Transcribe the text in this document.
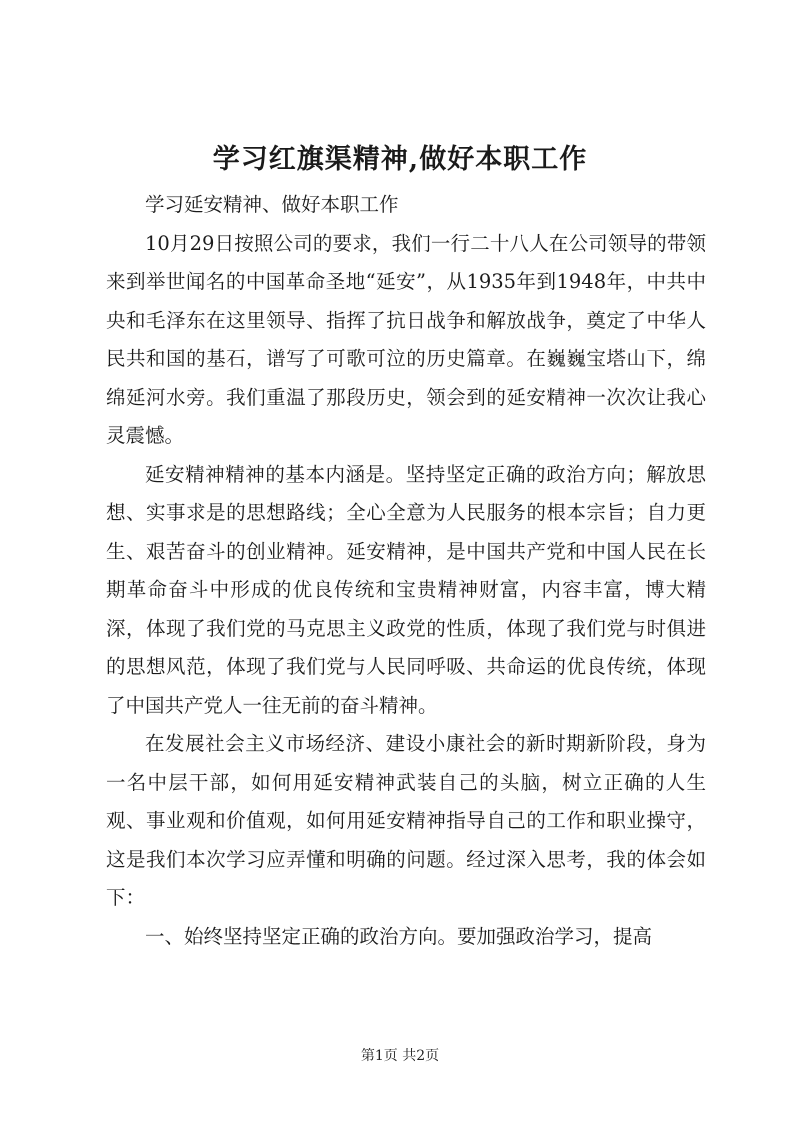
学习红旗渠精神,做好本职工作

学习延安精神、做好本职工作

10月29日按照公司的要求，我们一行二十八人在公司领导的带领来到举世闻名的中国革命圣地“延安”，从1935年到1948年，中共中央和毛泽东在这里领导、指挥了抗日战争和解放战争，奠定了中华人民共和国的基石，谱写了可歌可泣的历史篇章。在巍巍宝塔山下，绵绵延河水旁。我们重温了那段历史，领会到的延安精神一次次让我心灵震憾。

延安精神精神的基本内涵是。坚持坚定正确的政治方向；解放思想、实事求是的思想路线；全心全意为人民服务的根本宗旨；自力更生、艰苦奋斗的创业精神。延安精神，是中国共产党和中国人民在长期革命奋斗中形成的优良传统和宝贵精神财富，内容丰富，博大精深，体现了我们党的马克思主义政党的性质，体现了我们党与时俱进的思想风范，体现了我们党与人民同呼吸、共命运的优良传统，体现了中国共产党人一往无前的奋斗精神。

在发展社会主义市场经济、建设小康社会的新时期新阶段，身为一名中层干部，如何用延安精神武装自己的头脑，树立正确的人生观、事业观和价值观，如何用延安精神指导自己的工作和职业操守，这是我们本次学习应弄懂和明确的问题。经过深入思考，我的体会如下：

一、始终坚持坚定正确的政治方向。要加强政治学习，提高

第1页 共2页
